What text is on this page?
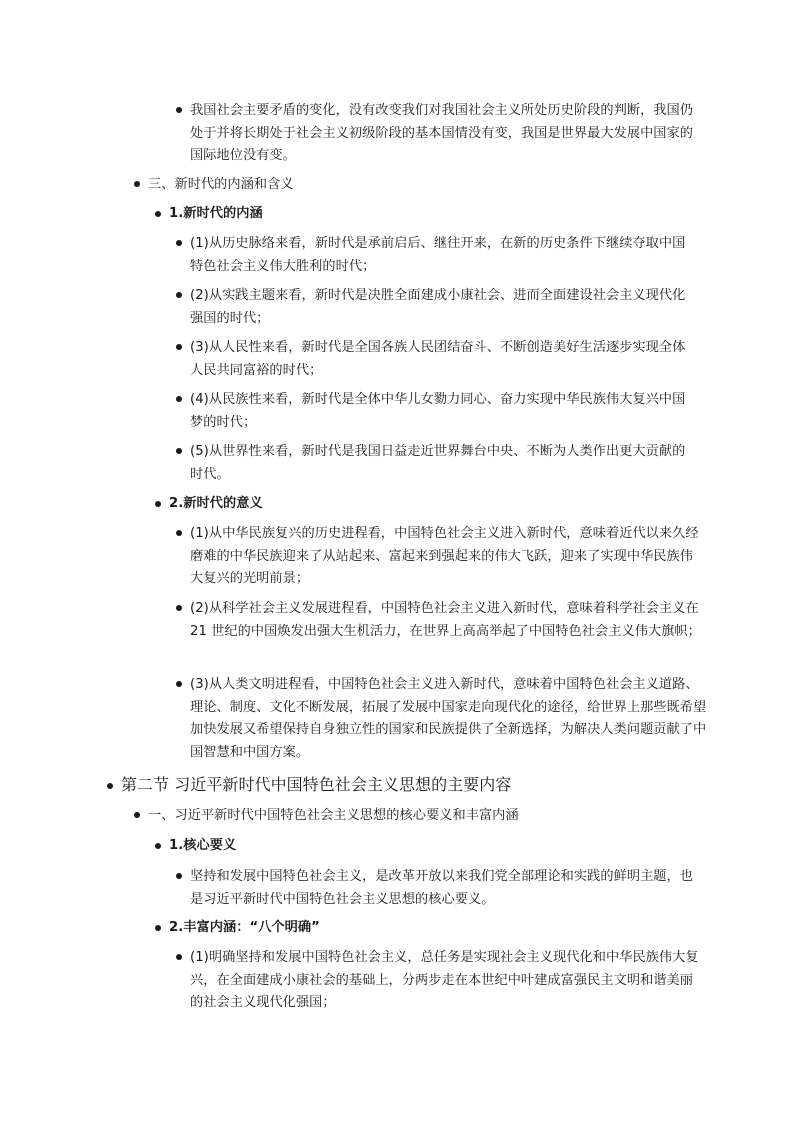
我国社会主要矛盾的变化，没有改变我们对我国社会主义所处历史阶段的判断，我国仍处于并将长期处于社会主义初级阶段的基本国情没有变，我国是世界最大发展中国家的国际地位没有变。
三、新时代的内涵和含义
1.新时代的内涵
(1)从历史脉络来看，新时代是承前启后、继往开来，在新的历史条件下继续夺取中国特色社会主义伟大胜利的时代；
(2)从实践主题来看，新时代是决胜全面建成小康社会、进而全面建设社会主义现代化强国的时代；
(3)从人民性来看，新时代是全国各族人民团结奋斗、不断创造美好生活逐步实现全体人民共同富裕的时代；
(4)从民族性来看，新时代是全体中华儿女勠力同心、奋力实现中华民族伟大复兴中国梦的时代；
(5)从世界性来看，新时代是我国日益走近世界舞台中央、不断为人类作出更大贡献的时代。
2.新时代的意义
(1)从中华民族复兴的历史进程看，中国特色社会主义进入新时代，意味着近代以来久经磨难的中华民族迎来了从站起来、富起来到强起来的伟大飞跃，迎来了实现中华民族伟大复兴的光明前景；
(2)从科学社会主义发展进程看，中国特色社会主义进入新时代，意味着科学社会主义在 21 世纪的中国焕发出强大生机活力，在世界上高高举起了中国特色社会主义伟大旗帜；
(3)从人类文明进程看，中国特色社会主义进入新时代，意味着中国特色社会主义道路、理论、制度、文化不断发展，拓展了发展中国家走向现代化的途径，给世界上那些既希望加快发展又希望保持自身独立性的国家和民族提供了全新选择，为解决人类问题贡献了中国智慧和中国方案。
第二节 习近平新时代中国特色社会主义思想的主要内容
一、习近平新时代中国特色社会主义思想的核心要义和丰富内涵
1.核心要义
坚持和发展中国特色社会主义，是改革开放以来我们党全部理论和实践的鲜明主题，也是习近平新时代中国特色社会主义思想的核心要义。
2.丰富内涵：“八个明确”
(1)明确坚持和发展中国特色社会主义，总任务是实现社会主义现代化和中华民族伟大复兴，在全面建成小康社会的基础上，分两步走在本世纪中叶建成富强民主文明和谐美丽的社会主义现代化强国；
